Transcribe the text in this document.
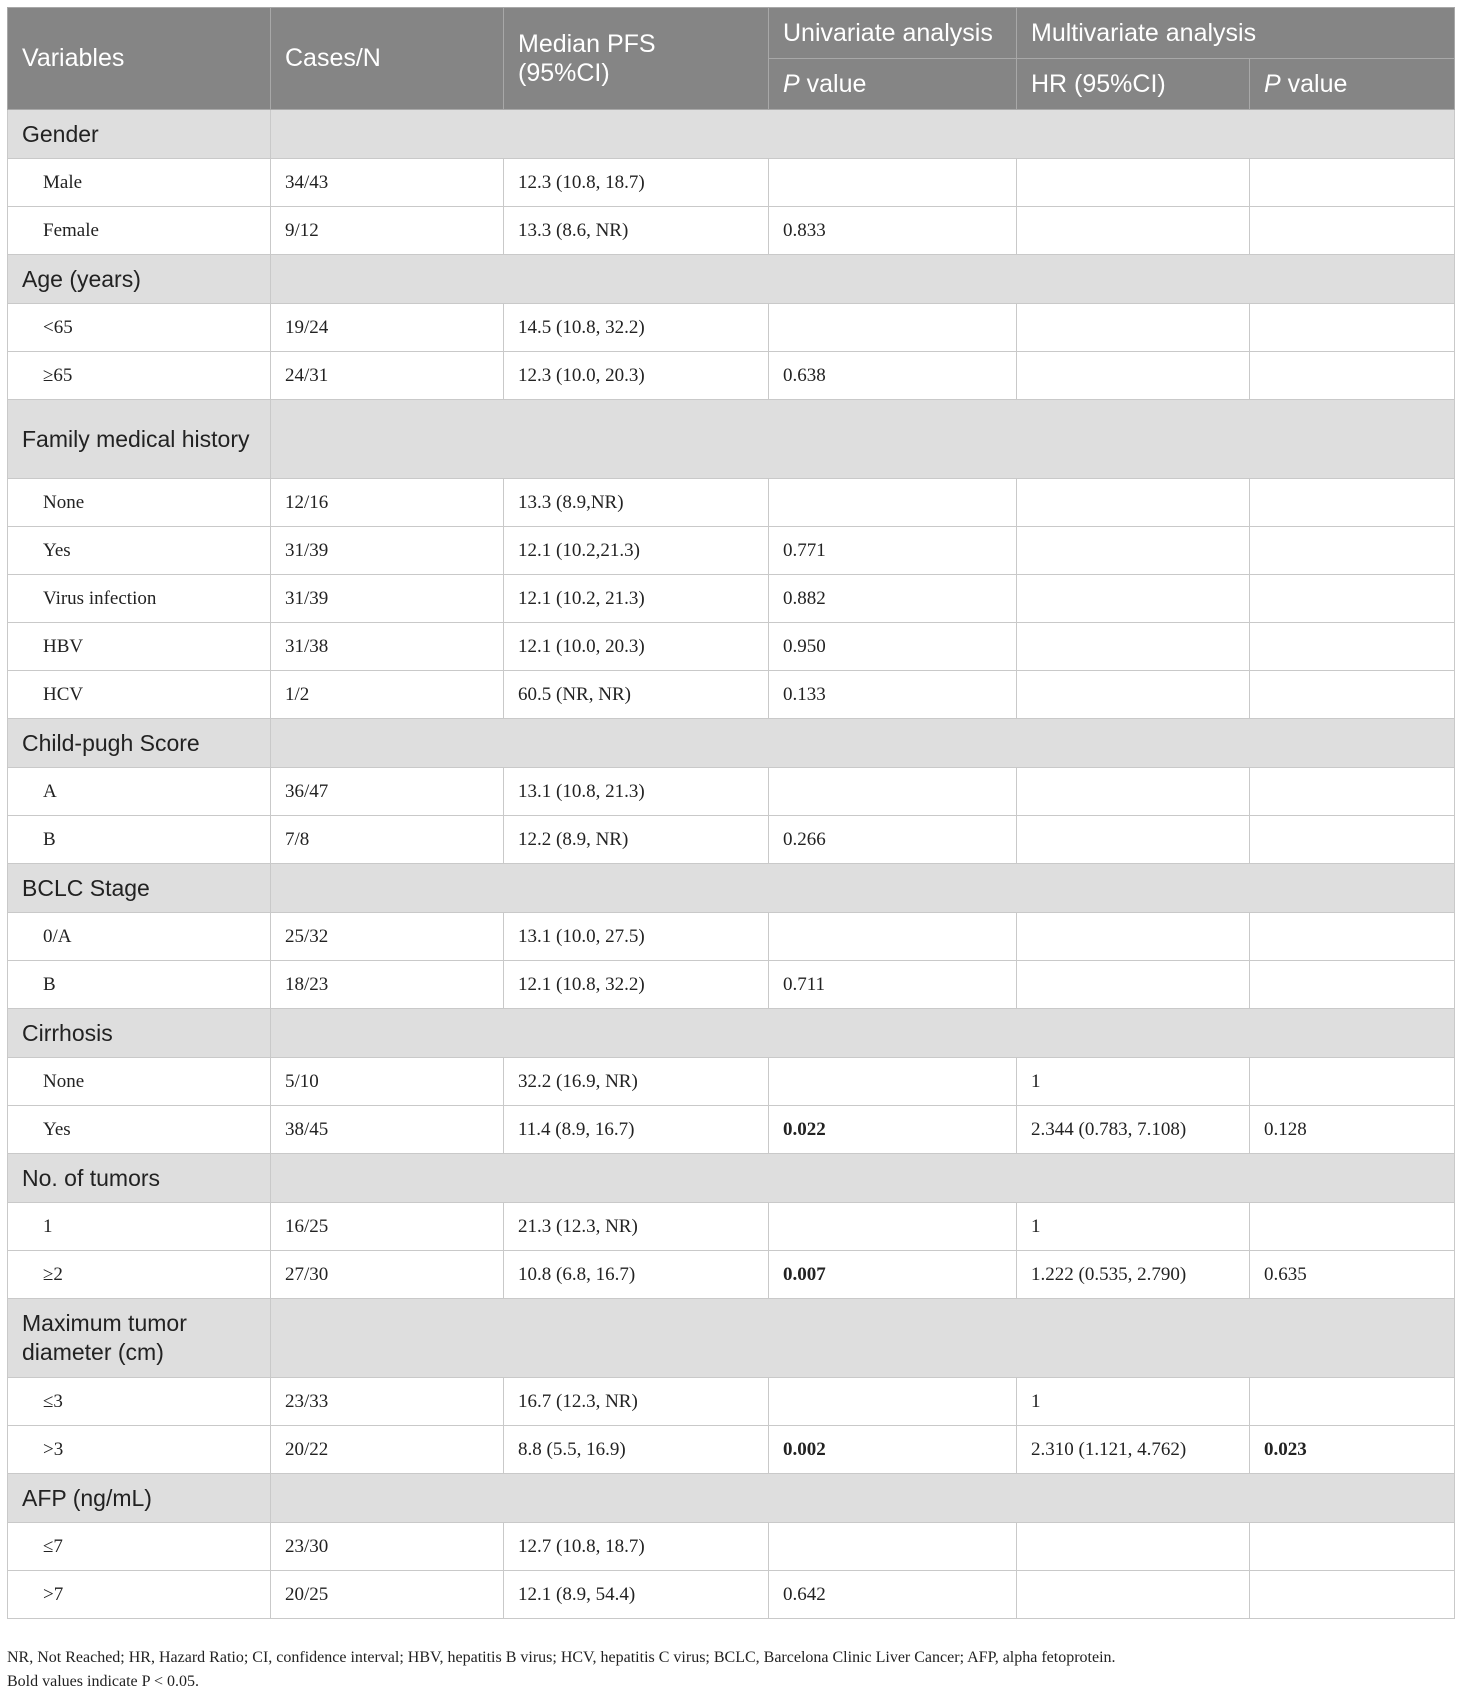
Variables	Cases/N	Median PFS (95%CI)	Univariate analysis	Multivariate analysis	
			P value	HR (95%CI)	P value
Gender					
Male	34/43	12.3 (10.8, 18.7)			
Female	9/12	13.3 (8.6, NR)	0.833		
Age (years)					
<65	19/24	14.5 (10.8, 32.2)			
≥65	24/31	12.3 (10.0, 20.3)	0.638		
Family medical history					
None	12/16	13.3 (8.9,NR)			
Yes	31/39	12.1 (10.2,21.3)	0.771		
Virus infection	31/39	12.1 (10.2, 21.3)	0.882		
HBV	31/38	12.1 (10.0, 20.3)	0.950		
HCV	1/2	60.5 (NR, NR)	0.133		
Child-pugh Score					
A	36/47	13.1 (10.8, 21.3)			
B	7/8	12.2 (8.9, NR)	0.266		
BCLC Stage					
0/A	25/32	13.1 (10.0, 27.5)			
B	18/23	12.1 (10.8, 32.2)	0.711		
Cirrhosis					
None	5/10	32.2 (16.9, NR)		1	
Yes	38/45	11.4 (8.9, 16.7)	0.022	2.344 (0.783, 7.108)	0.128
No. of tumors					
1	16/25	21.3 (12.3, NR)		1	
≥2	27/30	10.8 (6.8, 16.7)	0.007	1.222 (0.535, 2.790)	0.635
Maximum tumor diameter (cm)					
≤3	23/33	16.7 (12.3, NR)		1	
>3	20/22	8.8 (5.5, 16.9)	0.002	2.310 (1.121, 4.762)	0.023
AFP (ng/mL)					
≤7	23/30	12.7 (10.8, 18.7)			
>7	20/25	12.1 (8.9, 54.4)	0.642		
NR, Not Reached; HR, Hazard Ratio; CI, confidence interval; HBV, hepatitis B virus; HCV, hepatitis C virus; BCLC, Barcelona Clinic Liver Cancer; AFP, alpha fetoprotein.
Bold values indicate P < 0.05.
